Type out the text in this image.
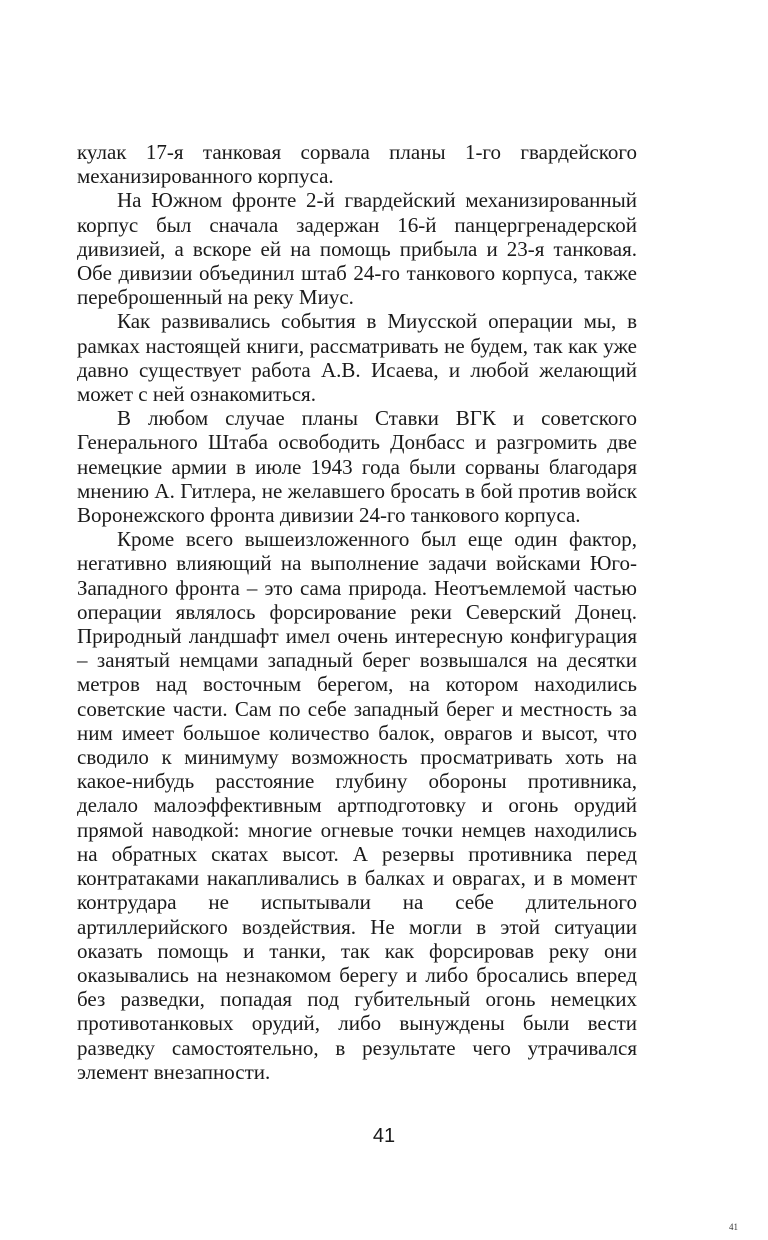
кулак 17-я танковая сорвала планы 1-го гвардейского механизированного корпуса.

На Южном фронте 2-й гвардейский механизированный корпус был сначала задержан 16-й панцергренадерской дивизией, а вскоре ей на помощь прибыла и 23-я танковая. Обе дивизии объединил штаб 24-го танкового корпуса, также переброшенный на реку Миус.

Как развивались события в Миусской операции мы, в рамках настоящей книги, рассматривать не будем, так как уже давно существует работа А.В. Исаева, и любой желающий может с ней ознакомиться.

В любом случае планы Ставки ВГК и советского Генерального Штаба освободить Донбасс и разгромить две немецкие армии в июле 1943 года были сорваны благодаря мнению А. Гитлера, не желавшего бросать в бой против войск Воронежского фронта дивизии 24-го танкового корпуса.

Кроме всего вышеизложенного был еще один фактор, негативно влияющий на выполнение задачи войсками Юго-Западного фронта – это сама природа. Неотъемлемой частью операции являлось форсирование реки Северский Донец. Природный ландшафт имел очень интересную конфигурация – занятый немцами западный берег возвышался на десятки метров над восточным берегом, на котором находились советские части. Сам по себе западный берег и местность за ним имеет большое количество балок, оврагов и высот, что сводило к минимуму возможность просматривать хоть на какое-нибудь расстояние глубину обороны противника, делало малоэффективным артподготовку и огонь орудий прямой наводкой: многие огневые точки немцев находились на обратных скатах высот. А резервы противника перед контратаками накапливались в балках и оврагах, и в момент контрудара не испытывали на себе длительного артиллерийского воздействия. Не могли в этой ситуации оказать помощь и танки, так как форсировав реку они оказывались на незнакомом берегу и либо бросались вперед без разведки, попадая под губительный огонь немецких противотанковых орудий, либо вынуждены были вести разведку самостоятельно, в результате чего утрачивался элемент внезапности.

41
41
